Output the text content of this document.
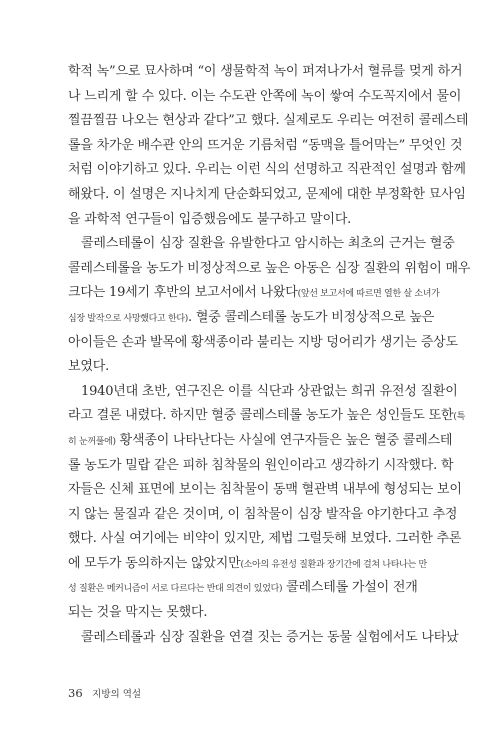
학적 녹”으로 묘사하며 “이 생물학적 녹이 퍼져나가서 혈류를 멎게 하거
나 느리게 할 수 있다. 이는 수도관 안쪽에 녹이 쌓여 수도꼭지에서 물이
찔끔찔끔 나오는 현상과 같다”고 했다. 실제로도 우리는 여전히 콜레스테
롤을 차가운 배수관 안의 뜨거운 기름처럼 “동맥을 틀어막는” 무엇인 것
처럼 이야기하고 있다. 우리는 이런 식의 선명하고 직관적인 설명과 함께
해왔다. 이 설명은 지나치게 단순화되었고, 문제에 대한 부정확한 묘사임
을 과학적 연구들이 입증했음에도 불구하고 말이다.
콜레스테롤이 심장 질환을 유발한다고 암시하는 최초의 근거는 혈중
콜레스테롤을 농도가 비정상적으로 높은 아동은 심장 질환의 위험이 매우
크다는 19세기 후반의 보고서에서 나왔다(앞선 보고서에 따르면 열한 살 소녀가
심장 발작으로 사망했다고 한다). 혈중 콜레스테롤 농도가 비정상적으로 높은
아이들은 손과 발목에 황색종이라 불리는 지방 덩어리가 생기는 증상도
보였다.
1940년대 초반, 연구진은 이를 식단과 상관없는 희귀 유전성 질환이
라고 결론 내렸다. 하지만 혈중 콜레스테롤 농도가 높은 성인들도 또한(특
히 눈꺼풀에) 황색종이 나타난다는 사실에 연구자들은 높은 혈중 콜레스테
롤 농도가 밀랍 같은 피하 침착물의 원인이라고 생각하기 시작했다. 학
자들은 신체 표면에 보이는 침착물이 동맥 혈관벽 내부에 형성되는 보이
지 않는 물질과 같은 것이며, 이 침착물이 심장 발작을 야기한다고 추정
했다. 사실 여기에는 비약이 있지만, 제법 그럴듯해 보였다. 그러한 추론
에 모두가 동의하지는 않았지만(소아의 유전성 질환과 장기간에 걸쳐 나타나는 만
성 질환은 메커니즘이 서로 다르다는 반대 의견이 있었다) 콜레스테롤 가설이 전개
되는 것을 막지는 못했다.
콜레스테롤과 심장 질환을 연결 짓는 증거는 동물 실험에서도 나타났
36 지방의 역설
